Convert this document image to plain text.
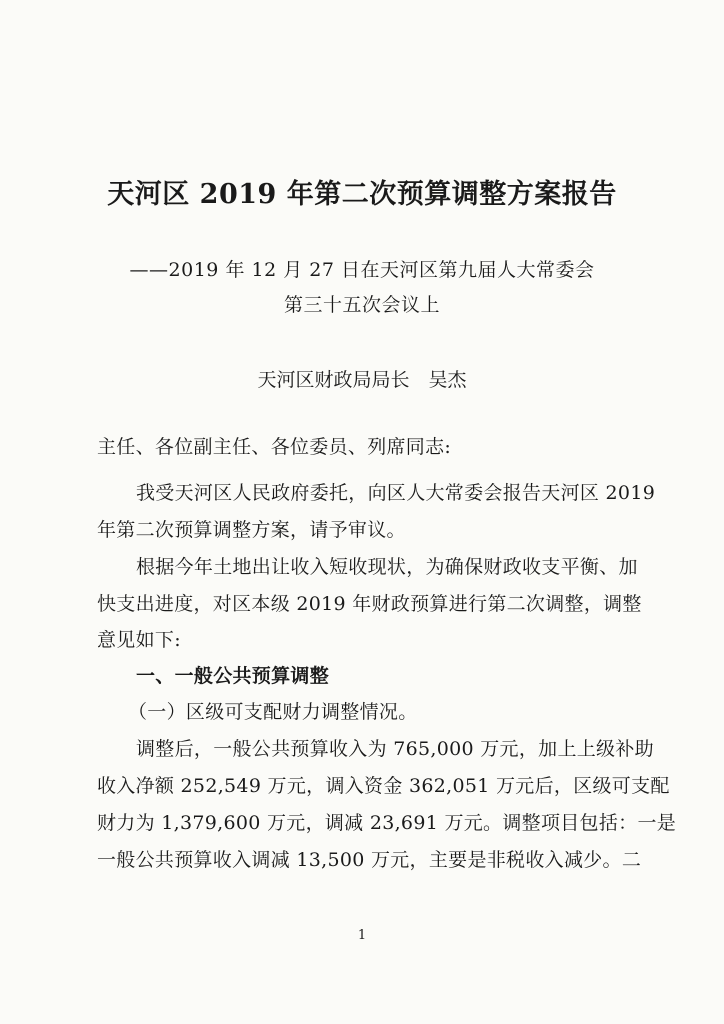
天河区 2019 年第二次预算调整方案报告
——2019 年 12 月 27 日在天河区第九届人大常委会
第三十五次会议上
天河区财政局局长　吴杰
主任、各位副主任、各位委员、列席同志:
我受天河区人民政府委托，向区人大常委会报告天河区 2019
年第二次预算调整方案，请予审议。
根据今年土地出让收入短收现状，为确保财政收支平衡、加
快支出进度，对区本级 2019 年财政预算进行第二次调整，调整
意见如下:
一、一般公共预算调整
（一）区级可支配财力调整情况。
调整后，一般公共预算收入为 765,000 万元，加上上级补助
收入净额 252,549 万元，调入资金 362,051 万元后，区级可支配
财力为 1,379,600 万元，调减 23,691 万元。调整项目包括：一是
一般公共预算收入调减 13,500 万元，主要是非税收入减少。二
1
